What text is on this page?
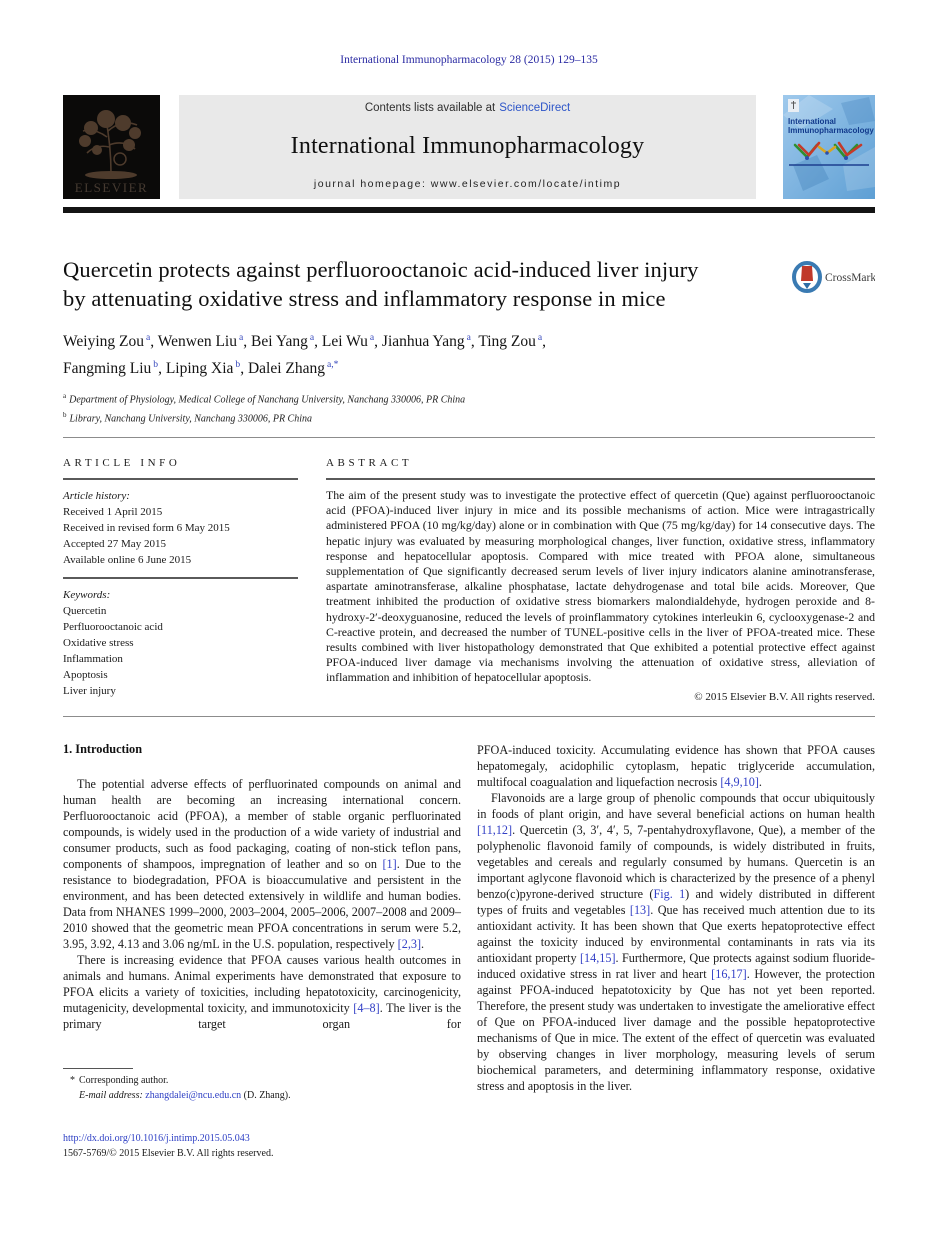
International Immunopharmacology 28 (2015) 129–135
ELSEVIER
Contents lists available at ScienceDirect
International Immunopharmacology
journal homepage: www.elsevier.com/locate/intimp
International
Immunopharmacology
Quercetin protects against perfluorooctanoic acid-induced liver injury
by attenuating oxidative stress and inflammatory response in mice
CrossMark
Weiying Zou $^a$, Wenwen Liu $^a$, Bei Yang $^a$, Lei Wu $^a$, Jianhua Yang $^a$, Ting Zou $^a$,
Fangming Liu $^b$, Liping Xia $^b$, Dalei Zhang $^{a,*}$
$^a$ Department of Physiology, Medical College of Nanchang University, Nanchang 330006, PR China
$^b$ Library, Nanchang University, Nanchang 330006, PR China
ARTICLE INFO
Article history:
Received 1 April 2015
Received in revised form 6 May 2015
Accepted 27 May 2015
Available online 6 June 2015
Keywords:
Quercetin
Perfluorooctanoic acid
Oxidative stress
Inflammation
Apoptosis
Liver injury
ABSTRACT

The aim of the present study was to investigate the protective effect of quercetin (Que) against perfluorooctanoic acid (PFOA)-induced liver injury in mice and its possible mechanisms of action. Mice were intragastrically administered PFOA (10 mg/kg/day) alone or in combination with Que (75 mg/kg/day) for 14 consecutive days. The hepatic injury was evaluated by measuring morphological changes, liver function, oxidative stress, inflammatory response and hepatocellular apoptosis. Compared with mice treated with PFOA alone, simultaneous supplementation of Que significantly decreased serum levels of liver injury indicators alanine aminotransferase, aspartate aminotransferase, alkaline phosphatase, lactate dehydrogenase and total bile acids. Moreover, Que treatment inhibited the production of oxidative stress biomarkers malondialdehyde, hydrogen peroxide and 8-hydroxy-2′-deoxyguanosine, reduced the levels of proinflammatory cytokines interleukin 6, cyclooxygenase-2 and C-reactive protein, and decreased the number of TUNEL-positive cells in the liver of PFOA-treated mice. These results combined with liver histopathology demonstrated that Que exhibited a potential protective effect against PFOA-induced liver damage via mechanisms involving the attenuation of oxidative stress, alleviation of inflammation and inhibition of hepatocellular apoptosis.

© 2015 Elsevier B.V. All rights reserved.
1. Introduction

The potential adverse effects of perfluorinated compounds on animal and human health are becoming an increasing international concern. Perfluorooctanoic acid (PFOA), a member of stable organic perfluorinated compounds, is widely used in the production of a wide variety of industrial and consumer products, such as food packaging, coating of non-stick teflon pans, components of shampoos, impregnation of leather and so on [1]. Due to the resistance to biodegradation, PFOA is bioaccumulative and persistent in the environment, and has been detected extensively in wildlife and human bodies. Data from NHANES 1999–2000, 2003–2004, 2005–2006, 2007–2008 and 2009–2010 showed that the geometric mean PFOA concentrations in serum were 5.2, 3.95, 3.92, 4.13 and 3.06 ng/mL in the U.S. population, respectively [2,3].

There is increasing evidence that PFOA causes various health outcomes in animals and humans. Animal experiments have demonstrated that exposure to PFOA elicits a variety of toxicities, including hepatotoxicity, carcinogenicity, mutagenicity, developmental toxicity, and immunotoxicity [4–8]. The liver is the primary target organ for

PFOA-induced toxicity. Accumulating evidence has shown that PFOA causes hepatomegaly, acidophilic cytoplasm, hepatic triglyceride accumulation, multifocal coagualation and liquefaction necrosis [4,9,10].

Flavonoids are a large group of phenolic compounds that occur ubiquitously in foods of plant origin, and have several beneficial actions on human health [11,12]. Quercetin (3, 3′, 4′, 5, 7-pentahydroxyflavone, Que), a member of the polyphenolic flavonoid family of compounds, is widely distributed in fruits, vegetables and cereals and regularly consumed by humans. Quercetin is an important aglycone flavonoid which is characterized by the presence of a phenyl benzo(c)pyrone-derived structure (Fig. 1) and widely distributed in different types of fruits and vegetables [13]. Que has received much attention due to its antioxidant activity. It has been shown that Que exerts hepatoprotective effect against the toxicity induced by environmental contaminants in rats via its antioxidant property [14,15]. Furthermore, Que protects against sodium fluoride-induced oxidative stress in rat liver and heart [16,17]. However, the protection against PFOA-induced hepatotoxicity by Que has not yet been reported. Therefore, the present study was undertaken to investigate the ameliorative effect of Que on PFOA-induced liver damage and the possible hepatoprotective mechanisms of Que in mice. The extent of the effect of quercetin was evaluated by observing changes in liver morphology, measuring levels of serum biochemical parameters, and determining inflammatory response, oxidative stress and apoptosis in the liver.

* Corresponding author.
E-mail address: zhangdalei@ncu.edu.cn (D. Zhang).
http://dx.doi.org/10.1016/j.intimp.2015.05.043
1567-5769/© 2015 Elsevier B.V. All rights reserved.
